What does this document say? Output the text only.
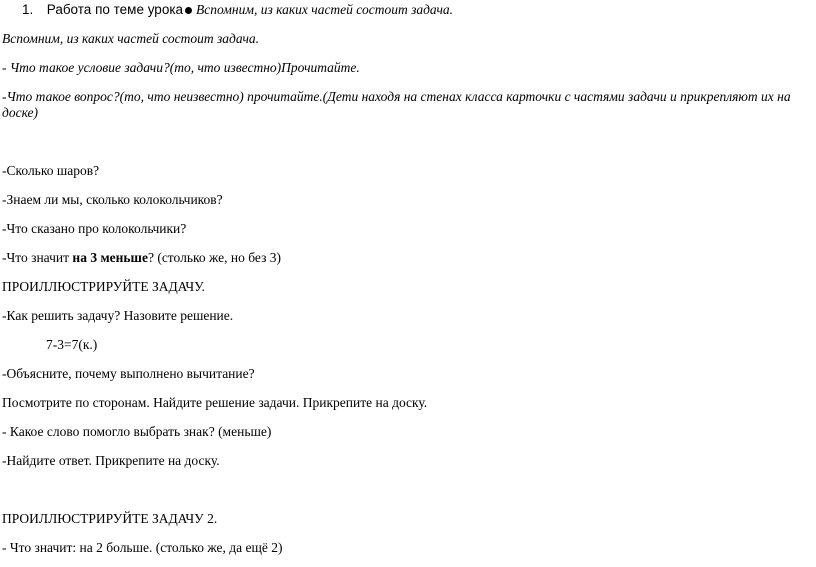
1. Работа по теме урока Вспомним, из каких частей состоит задача.
Вспомним, из каких частей состоит задача.
- Что такое условие задачи?(то, что известно)Прочитайте.
-Что такое вопрос?(то, что неизвестно) прочитайте.(Дети находя на стенах класса карточки с частями задачи и прикрепляют их на доске)
-Сколько шаров?
-Знаем ли мы, сколько колокольчиков?
-Что сказано про колокольчики?
-Что значит на 3 меньше? (столько же, но без 3)
ПРОИЛЛЮСТРИРУЙТЕ ЗАДАЧУ.
-Как решить задачу? Назовите решение.
7-3=7(к.)
-Объясните, почему выполнено вычитание?
Посмотрите по сторонам. Найдите решение задачи. Прикрепите на доску.
- Какое слово помогло выбрать знак? (меньше)
-Найдите ответ. Прикрепите на доску.
ПРОИЛЛЮСТРИРУЙТЕ ЗАДАЧУ 2.
- Что значит: на 2 больше. (столько же, да ещё 2)
